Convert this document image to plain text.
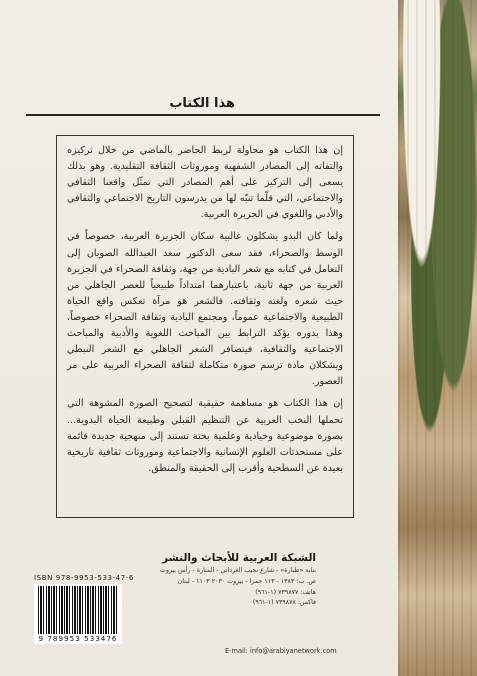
هذا الكتاب

إن هذا الكتاب هو محاولة لربط الحاضر بالماضي من خلال تركيزه والتفاته إلى المصادر الشفهية وموروثات الثقافة التقليدية. وهو بذلك يسعى إلى التركيز على أهم المصادر التي تمثّل واقعنا الثقافي والاجتماعي، التي قلّما تنبّه لها من يدرسون التاريخ الاجتماعي والثقافي والأدبي واللغوي في الجزيرة العربية.

ولما كان البدو يشكلون غالبية سكان الجزيرة العربية، خصوصاً في الوسط والصحراء، فقد سعى الدكتور سعد العبدالله الصويان إلى التعامل في كتابه مع شعر البادية من جهة، وثقافة الصحراء في الجزيرة العربية من جهة ثانية، باعتبارهما امتداداً طبيعياً للعصر الجاهلي من حيث شعره ولغته وثقافته. فالشعر هو مرآة تعكس واقع الحياة الطبيعية والاجتماعية عموماً، ومجتمع البادية وثقافة الصحراء خصوصاً، وهذا بدوره يؤكد الترابط بين المباحث اللغوية والأدبية والمباحث الاجتماعية والثقافية، فيتضافر الشعر الجاهلي مع الشعر النبطي ويشكلان مادة ترسم صورة متكاملة لثقافة الصحراء العربية على مر العصور.

إن هذا الكتاب هو مساهمة حقيقية لتصحيح الصورة المشوهة التي تحملها النخب العربية عن التنظيم القبلي وطبيعة الحياة البدوية... بصورة موضوعية وحيادية وعلمية بحتة تستند إلى منهجية جديدة قائمة على مستحدثات العلوم الإنسانية والاجتماعية وموروثات ثقافية تاريخية بعيدة عن السطحية وأقرب إلى الحقيقة والمنطق.

ISBN 978-9953-533-47-6
9 789953 533476
الشبكة العربية للأبحاث والنشر
بناية «طبارة» - شارع نجيب العرداتي - المنارة - رأس بيروت
ص. ب: ١٣٨٣ - ١١٣ حمرا - بيروت ٢٠٣٠ ١١٠٣ - لبنان
هاتف: ٧٣٩٨٧٧ (١-٩٦١)
فاكس: ٧٣٩٨٧٨ (١-٩٦١)
E-mail: info@arabiyanetwork.com
